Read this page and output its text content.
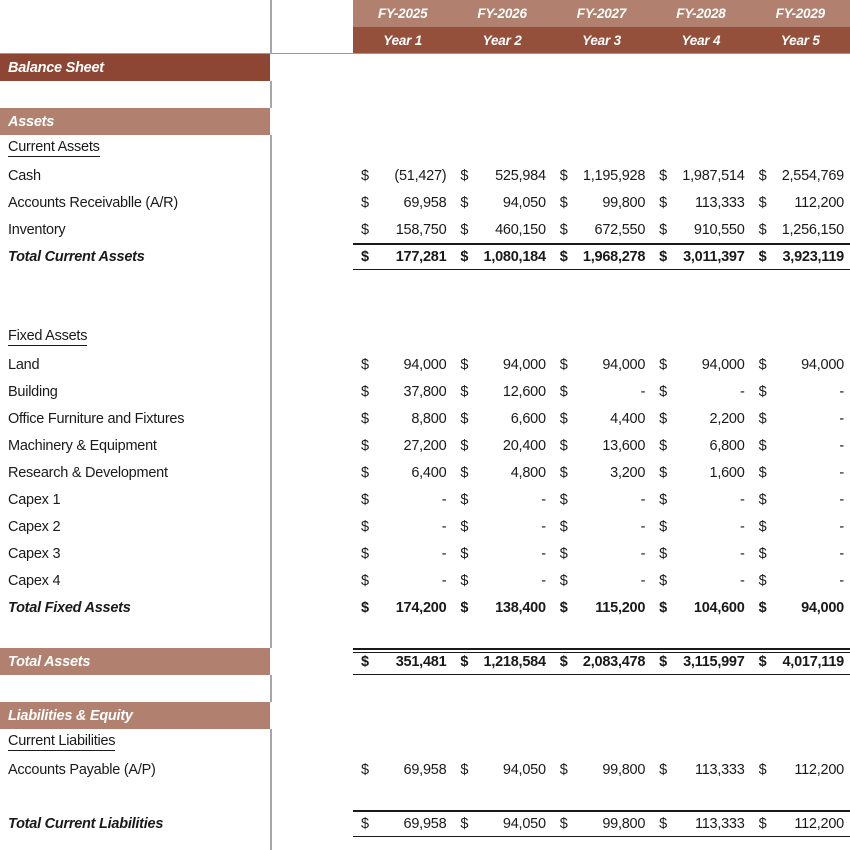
FY-2025	FY-2026	FY-2027	FY-2028	FY-2029
Year 1	Year 2	Year 3	Year 4	Year 5
Balance Sheet
Assets
Current Assets
Cash	$	(51,427) $	525,984 $	1,195,928 $	1,987,514 $	2,554,769
Accounts Receivablle (A/R)	$	69,958 $	94,050 $	99,800 $	113,333 $	112,200
Inventory	$	158,750 $	460,150 $	672,550 $	910,550 $	1,256,150
Total Current Assets	$	177,281 $	1,080,184 $	1,968,278 $	3,011,397 $	3,923,119
Fixed Assets
Land	$	94,000 $	94,000 $	94,000 $	94,000 $	94,000
Building	$	37,800 $	12,600 $	- $	- $	-
Office Furniture and Fixtures	$	8,800 $	6,600 $	4,400 $	2,200 $	-
Machinery & Equipment	$	27,200 $	20,400 $	13,600 $	6,800 $	-
Research & Development	$	6,400 $	4,800 $	3,200 $	1,600 $	-
Capex 1	$	- $	- $	- $	- $	-
Capex 2	$	- $	- $	- $	- $	-
Capex 3	$	- $	- $	- $	- $	-
Capex 4	$	- $	- $	- $	- $	-
Total Fixed Assets	$	174,200 $	138,400 $	115,200 $	104,600 $	94,000
Total Assets	$	351,481 $	1,218,584 $	2,083,478 $	3,115,997 $	4,017,119
Liabilities & Equity
Current Liabilities
Accounts Payable (A/P)	$	69,958 $	94,050 $	99,800 $	113,333 $	112,200
Total Current Liabilities	$	69,958 $	94,050 $	99,800 $	113,333 $	112,200
